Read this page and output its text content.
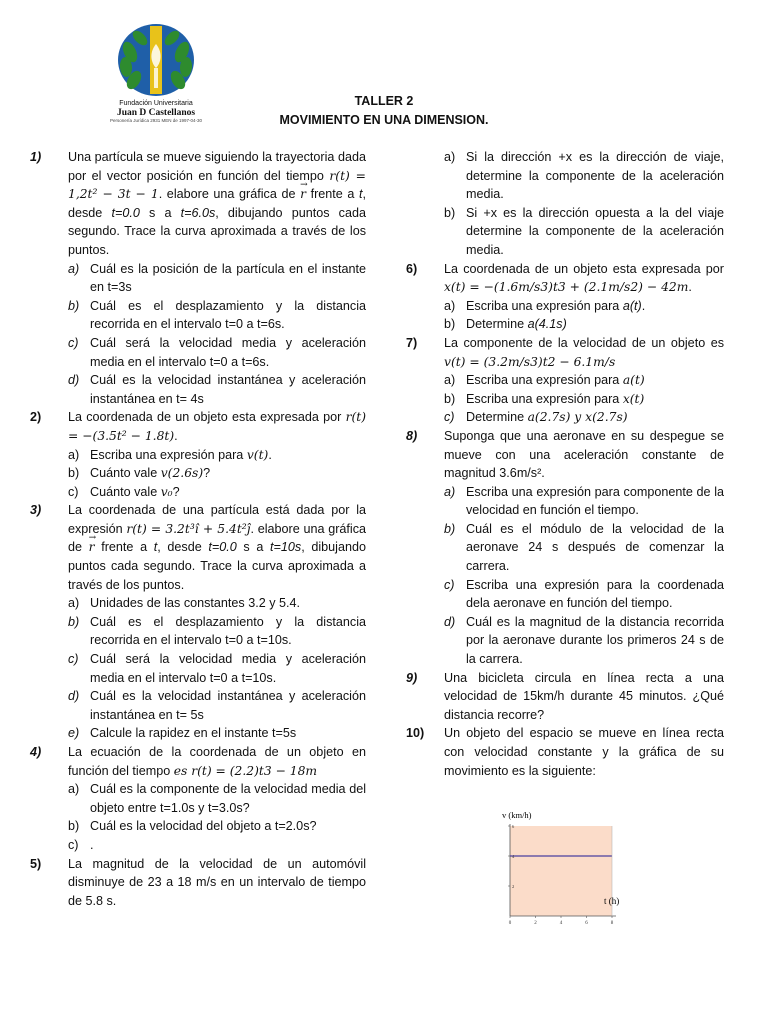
Fundación Universitaria
Juan D Castellanos
Personería Jurídica 2931 MEN de 1997-04-30
TALLER 2
MOVIMIENTO EN UNA DIMENSION.
1) Una partícula se mueve siguiendo la trayectoria dada por el vector posición en función del tiempo r(t) = 1,2t² − 3t − 1. elabore una gráfica de → r frente a t, desde t=0.0 s a t=6.0s, dibujando puntos cada segundo. Trace la curva aproximada a través de los puntos.
a) Cuál es la posición de la partícula en el instante en t=3s
b) Cuál es el desplazamiento y la distancia recorrida en el intervalo t=0 a t=6s.
c) Cuál será la velocidad media y aceleración media en el intervalo t=0 a t=6s.
d) Cuál es la velocidad instantánea y aceleración instantánea en t= 4s
2) La coordenada de un objeto esta expresada por r(t) = −(3.5t² − 1.8t).
a) Escriba una expresión para v(t).
b) Cuánto vale v(2.6s)?
c) Cuánto vale v₀?
3) La coordenada de una partícula está dada por la expresión r(t) = 3.2t³î + 5.4t²ĵ. elabore una gráfica de → r frente a t, desde t=0.0 s a t=10s, dibujando puntos cada segundo. Trace la curva aproximada a través de los puntos.
a) Unidades de las constantes 3.2 y 5.4.
b) Cuál es el desplazamiento y la distancia recorrida en el intervalo t=0 a t=10s.
c) Cuál será la velocidad media y aceleración media en el intervalo t=0 a t=10s.
d) Cuál es la velocidad instantánea y aceleración instantánea en t= 5s
e) Calcule la rapidez en el instante t=5s
4) La ecuación de la coordenada de un objeto en función del tiempo es r(t) = (2.2)t3 − 18m
a) Cuál es la componente de la velocidad media del objeto entre t=1.0s y t=3.0s?
b) Cuál es la velocidad del objeto a t=2.0s?
c) .
5) La magnitud de la velocidad de un automóvil disminuye de 23 a 18 m/s en un intervalo de tiempo de 5.8 s.
a) Si la dirección +x es la dirección de viaje, determine la componente de la aceleración media.
b) Si +x es la dirección opuesta a la del viaje determine la componente de la aceleración media.
6) La coordenada de un objeto esta expresada por x(t) = −(1.6m/s3)t3 + (2.1m/s2) − 42m.
a) Escriba una expresión para a(t).
b) Determine a(4.1s)
7) La componente de la velocidad de un objeto es v(t) = (3.2m/s3)t2 − 6.1m/s
a) Escriba una expresión para a(t)
b) Escriba una expresión para x(t)
c) Determine a(2.7s) y x(2.7s)
8) Suponga que una aeronave en su despegue se mueve con una aceleración constante de magnitud 3.6m/s².
a) Escriba una expresión para componente de la velocidad en función el tiempo.
b) Cuál es el módulo de la velocidad de la aeronave 24 s después de comenzar la carrera.
c) Escriba una expresión para la coordenada dela aeronave en función del tiempo.
d) Cuál es la magnitud de la distancia recorrida por la aeronave durante los primeros 24 s de la carrera.
9) Una bicicleta circula en línea recta a una velocidad de 15km/h durante 45 minutos. ¿Qué distancia recorre?
10) Un objeto del espacio se mueve en línea recta con velocidad constante y la gráfica de su movimiento es la siguiente:
v (km/h)
t (h)
0	2	4	6	8
2
4
6
